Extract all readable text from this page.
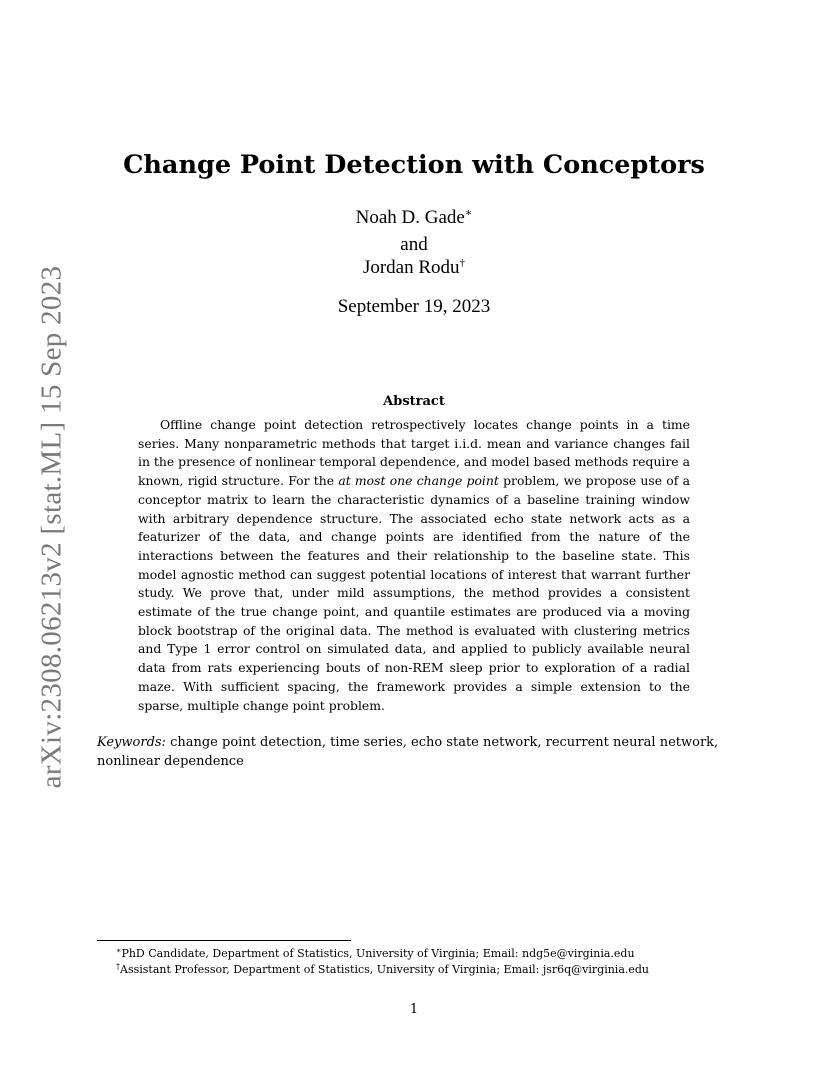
arXiv:2308.06213v2 [stat.ML] 15 Sep 2023
Change Point Detection with Conceptors
Noah D. Gade∗
and
Jordan Rodu†
September 19, 2023
Abstract
Offline change point detection retrospectively locates change points in a time series. Many nonparametric methods that target i.i.d. mean and variance changes fail in the presence of nonlinear temporal dependence, and model based methods require a known, rigid structure. For the at most one change point problem, we propose use of a conceptor matrix to learn the characteristic dynamics of a baseline training window with arbitrary dependence structure. The associated echo state network acts as a featurizer of the data, and change points are identified from the nature of the interactions between the features and their relationship to the baseline state. This model agnostic method can suggest potential locations of interest that warrant further study. We prove that, under mild assumptions, the method provides a consistent estimate of the true change point, and quantile estimates are produced via a moving block bootstrap of the original data. The method is evaluated with clustering metrics and Type 1 error control on simulated data, and applied to publicly available neural data from rats experiencing bouts of non-REM sleep prior to exploration of a radial maze. With sufficient spacing, the framework provides a simple extension to the sparse, multiple change point problem.
Keywords: change point detection, time series, echo state network, recurrent neural network, nonlinear dependence
∗PhD Candidate, Department of Statistics, University of Virginia; Email: ndg5e@virginia.edu
†Assistant Professor, Department of Statistics, University of Virginia; Email: jsr6q@virginia.edu
1
